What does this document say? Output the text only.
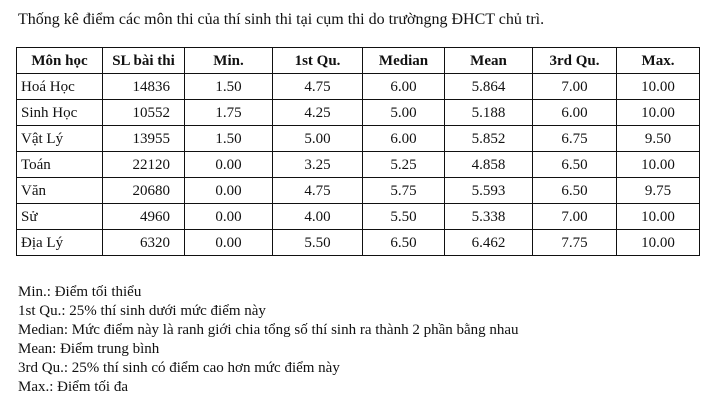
Thống kê điểm các môn thi của thí sinh thi tại cụm thi do trườngng ĐHCT chủ trì.
Môn học	SL bài thi	Min.	1st Qu.	Median	Mean	3rd Qu.	Max.
Hoá Học	14836	1.50	4.75	6.00	5.864	7.00	10.00
Sinh Học	10552	1.75	4.25	5.00	5.188	6.00	10.00
Vật Lý	13955	1.50	5.00	6.00	5.852	6.75	9.50
Toán	22120	0.00	3.25	5.25	4.858	6.50	10.00
Văn	20680	0.00	4.75	5.75	5.593	6.50	9.75
Sử	4960	0.00	4.00	5.50	5.338	7.00	10.00
Địa Lý	6320	0.00	5.50	6.50	6.462	7.75	10.00
Min.: Điểm tối thiểu
1st Qu.: 25% thí sinh dưới mức điểm này
Median: Mức điểm này là ranh giới chia tổng số thí sinh ra thành 2 phần bằng nhau
Mean: Điểm trung bình
3rd Qu.: 25% thí sinh có điểm cao hơn mức điểm này
Max.: Điểm tối đa
